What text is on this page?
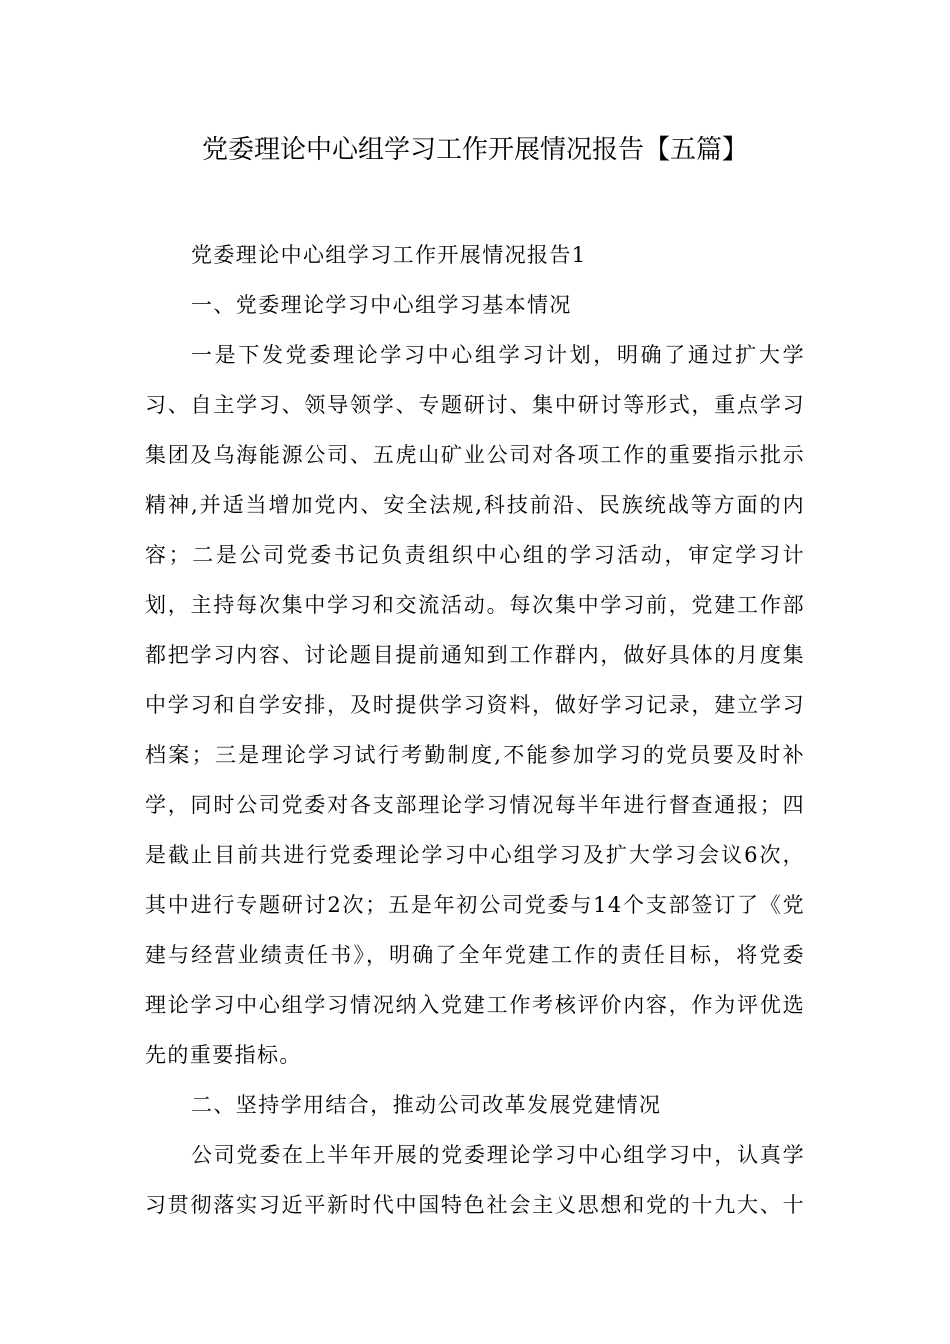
党委理论中心组学习工作开展情况报告【五篇】

党委理论中心组学习工作开展情况报告1

一、党委理论学习中心组学习基本情况

一是下发党委理论学习中心组学习计划，明确了通过扩大学
习、自主学习、领导领学、专题研讨、集中研讨等形式，重点学习
集团及乌海能源公司、五虎山矿业公司对各项工作的重要指示批示
精神,并适当增加党内、安全法规,科技前沿、民族统战等方面的内
容；二是公司党委书记负责组织中心组的学习活动，审定学习计
划，主持每次集中学习和交流活动。每次集中学习前，党建工作部
都把学习内容、讨论题目提前通知到工作群内，做好具体的月度集
中学习和自学安排，及时提供学习资料，做好学习记录，建立学习
档案；三是理论学习试行考勤制度,不能参加学习的党员要及时补
学，同时公司党委对各支部理论学习情况每半年进行督查通报；四
是截止目前共进行党委理论学习中心组学习及扩大学习会议6次，
其中进行专题研讨2次；五是年初公司党委与14个支部签订了《党
建与经营业绩责任书》，明确了全年党建工作的责任目标，将党委
理论学习中心组学习情况纳入党建工作考核评价内容，作为评优选
先的重要指标。

二、坚持学用结合，推动公司改革发展党建情况

公司党委在上半年开展的党委理论学习中心组学习中，认真学
习贯彻落实习近平新时代中国特色社会主义思想和党的十九大、十
